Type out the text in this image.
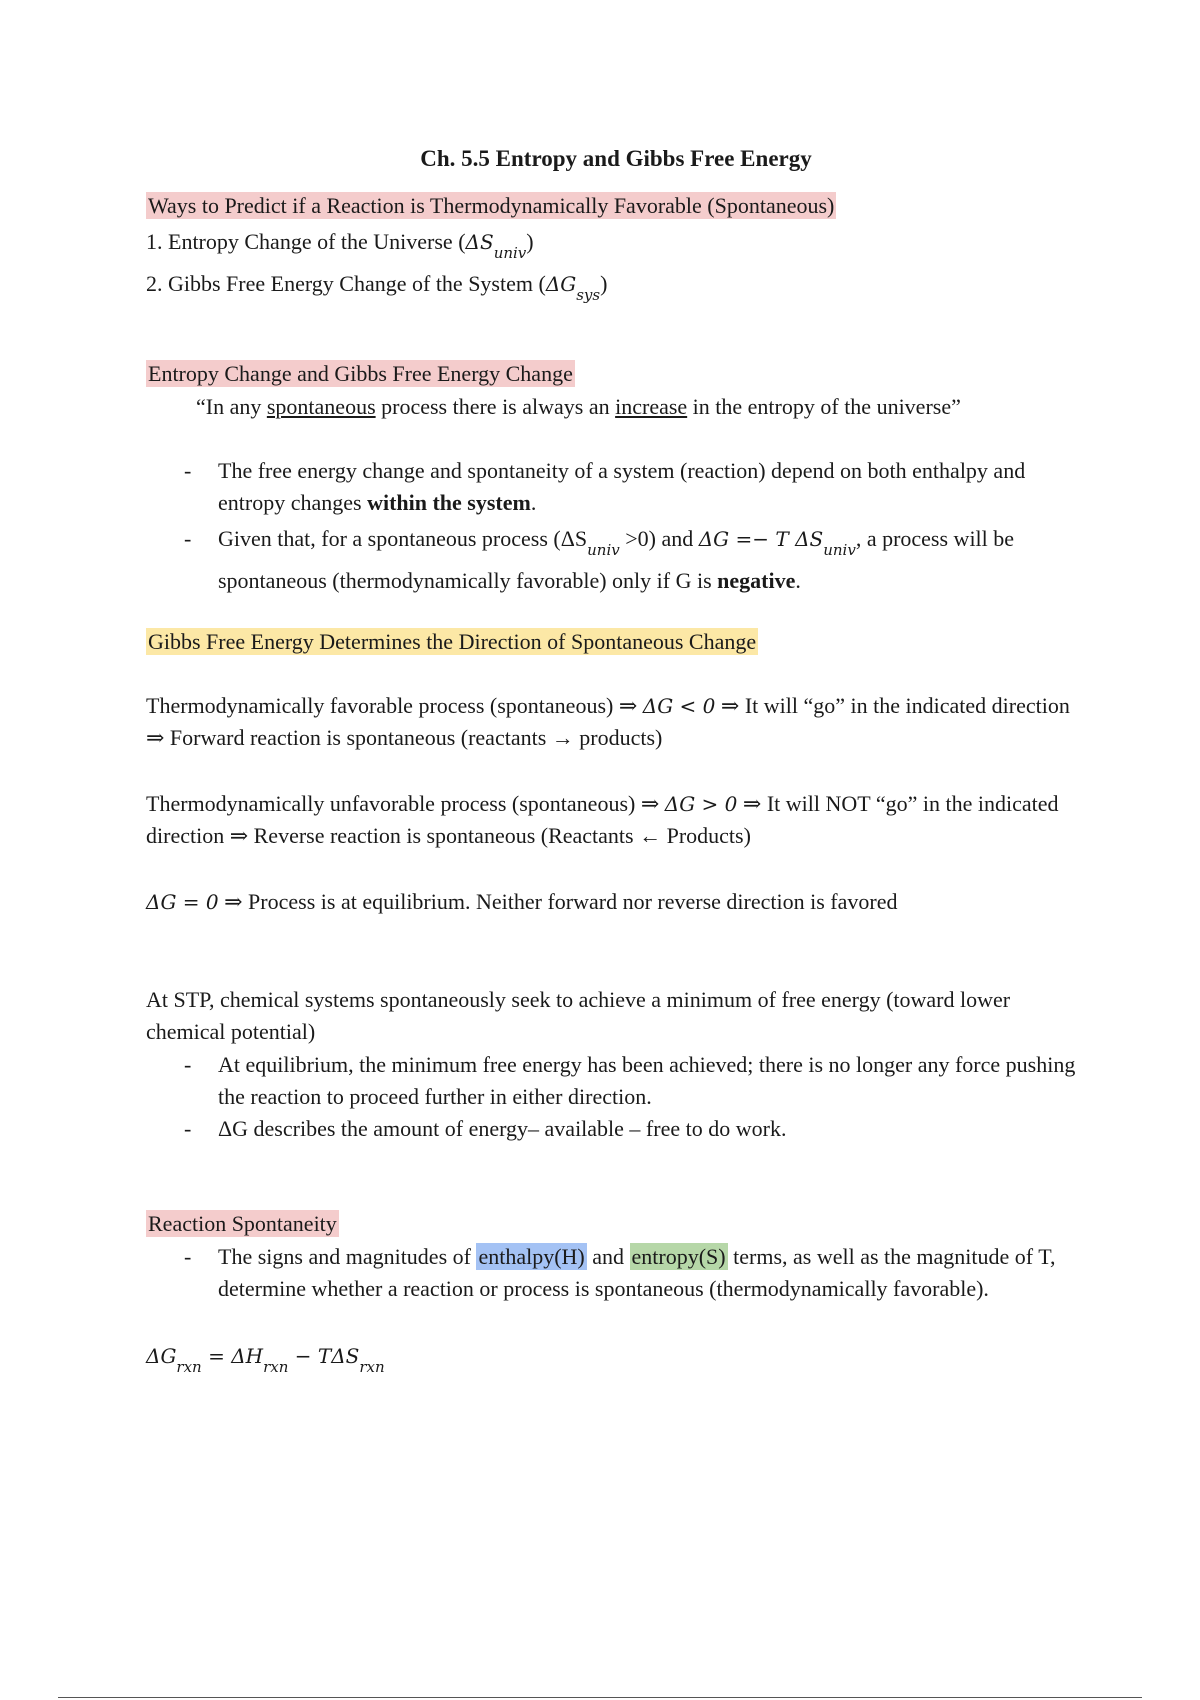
Ch. 5.5 Entropy and Gibbs Free Energy
Ways to Predict if a Reaction is Thermodynamically Favorable (Spontaneous)
1. Entropy Change of the Universe $(\Delta S_{univ})$
2. Gibbs Free Energy Change of the System $(\Delta G_{sys})$
Entropy Change and Gibbs Free Energy Change
“In any spontaneous process there is always an increase in the entropy of the universe”
- The free energy change and spontaneity of a system (reaction) depend on both enthalpy and entropy changes within the system.
- Given that, for a spontaneous process $(\Delta S_{univ} >0)$ and ΔG =− T $\Delta S_{univ}$, a process will be spontaneous (thermodynamically favorable) only if G is negative.
Gibbs Free Energy Determines the Direction of Spontaneous Change
Thermodynamically favorable process (spontaneous) ⇒ ΔG < 0 ⇒ It will “go” in the indicated direction ⇒ Forward reaction is spontaneous (reactants → products)
Thermodynamically unfavorable process (spontaneous) ⇒ ΔG > 0 ⇒ It will NOT “go” in the indicated direction ⇒ Reverse reaction is spontaneous (Reactants ← Products)
ΔG = 0 ⇒ Process is at equilibrium. Neither forward nor reverse direction is favored
At STP, chemical systems spontaneously seek to achieve a minimum of free energy (toward lower chemical potential)
- At equilibrium, the minimum free energy has been achieved; there is no longer any force pushing the reaction to proceed further in either direction.
- ΔG describes the amount of energy– available – free to do work.
Reaction Spontaneity
- The signs and magnitudes of enthalpy(H) and entropy(S) terms, as well as the magnitude of T, determine whether a reaction or process is spontaneous (thermodynamically favorable).
$\Delta G_{rxn} = \Delta H_{rxn} - T\Delta S_{rxn}$
